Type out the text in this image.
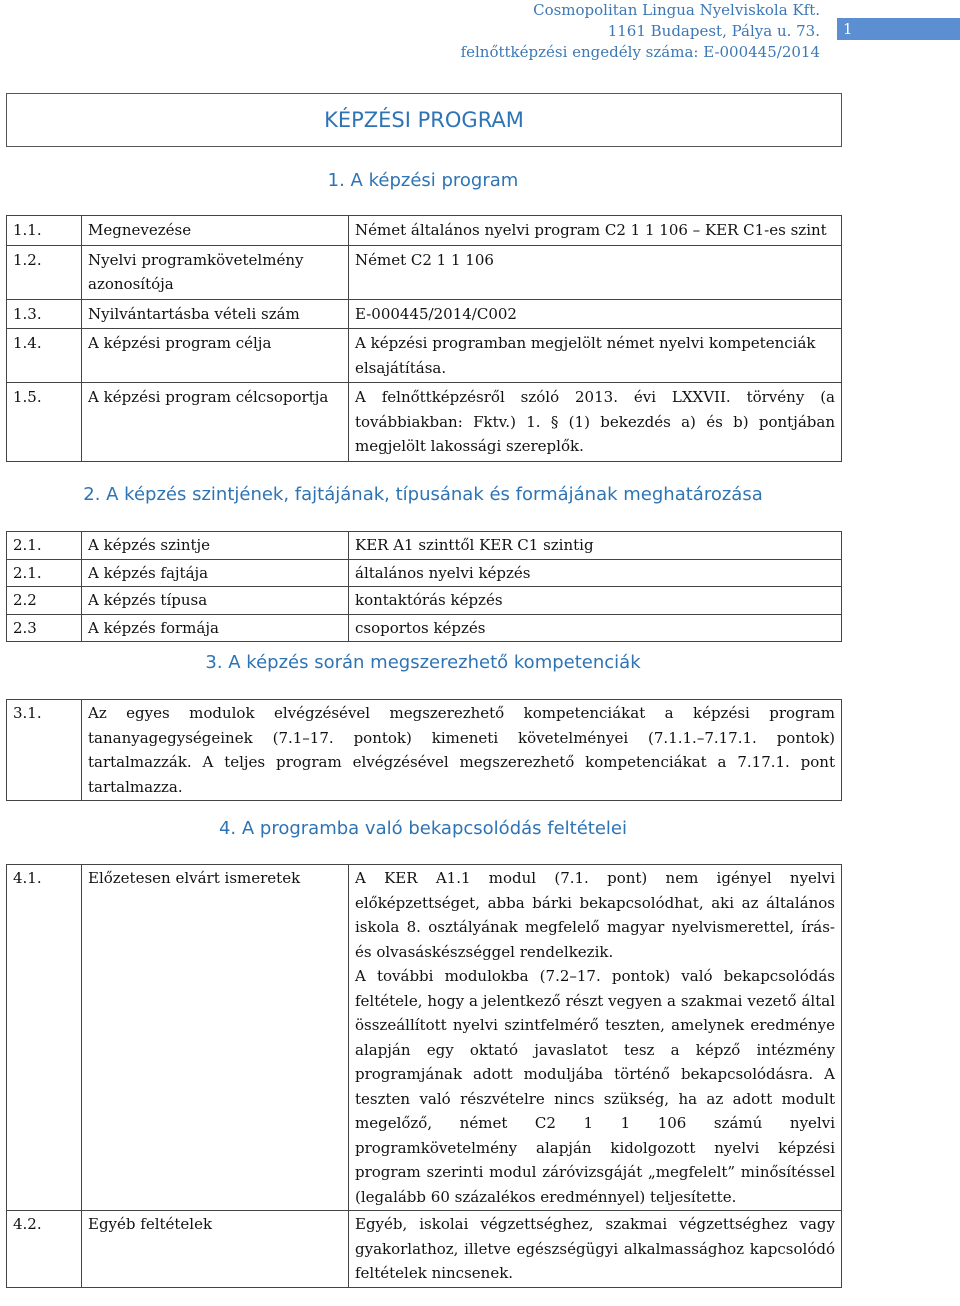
Cosmopolitan Lingua Nyelviskola Kft.
1161 Budapest, Pálya u. 73.
felnőttképzési engedély száma: E-000445/2014
1
KÉPZÉSI PROGRAM
1. A képzési program
1.1.	Megnevezése	Német általános nyelvi program C2 1 1 106 – KER C1-es szint
1.2.	Nyelvi programkövetelmény azonosítója	Német C2 1 1 106
1.3.	Nyilvántartásba vételi szám	E-000445/2014/C002
1.4.	A képzési program célja	A képzési programban megjelölt német nyelvi kompetenciák elsajátítása.
1.5.	A képzési program célcsoportja	A felnőttképzésről szóló 2013. évi LXXVII. törvény (a továbbiakban: Fktv.) 1. § (1) bekezdés a) és b) pontjában megjelölt lakossági szereplők.
2. A képzés szintjének, fajtájának, típusának és formájának meghatározása
2.1.	A képzés szintje	KER A1 szinttől KER C1 szintig
2.1.	A képzés fajtája	általános nyelvi képzés
2.2	A képzés típusa	kontaktórás képzés
2.3	A képzés formája	csoportos képzés
3. A képzés során megszerezhető kompetenciák
3.1.	Az egyes modulok elvégzésével megszerezhető kompetenciákat a képzési program tananyagegységeinek (7.1–17. pontok) kimeneti követelményei (7.1.1.–7.17.1. pontok) tartalmazzák. A teljes program elvégzésével megszerezhető kompetenciákat a 7.17.1. pont tartalmazza.
4. A programba való bekapcsolódás feltételei
4.1.	Előzetesen elvárt ismeretek	A KER A1.1 modul (7.1. pont) nem igényel nyelvi előképzettséget, abba bárki bekapcsolódhat, aki az általános iskola 8. osztályának megfelelő magyar nyelvismerettel, írás- és olvasáskészséggel rendelkezik.
A további modulokba (7.2–17. pontok) való bekapcsolódás feltétele, hogy a jelentkező részt vegyen a szakmai vezető által összeállított nyelvi szintfelmérő teszten, amelynek eredménye alapján egy oktató javaslatot tesz a képző intézmény programjának adott moduljába történő bekapcsolódásra. A teszten való részvételre nincs szükség, ha az adott modult megelőző, német C2 1 1 106 számú nyelvi programkövetelmény alapján kidolgozott nyelvi képzési program szerinti modul záróvizsgáját „megfelelt” minősítéssel (legalább 60 százalékos eredménnyel) teljesítette.

4.2.	Egyéb feltételek	Egyéb, iskolai végzettséghez, szakmai végzettséghez vagy gyakorlathoz, illetve egészségügyi alkalmassághoz kapcsolódó feltételek nincsenek.
